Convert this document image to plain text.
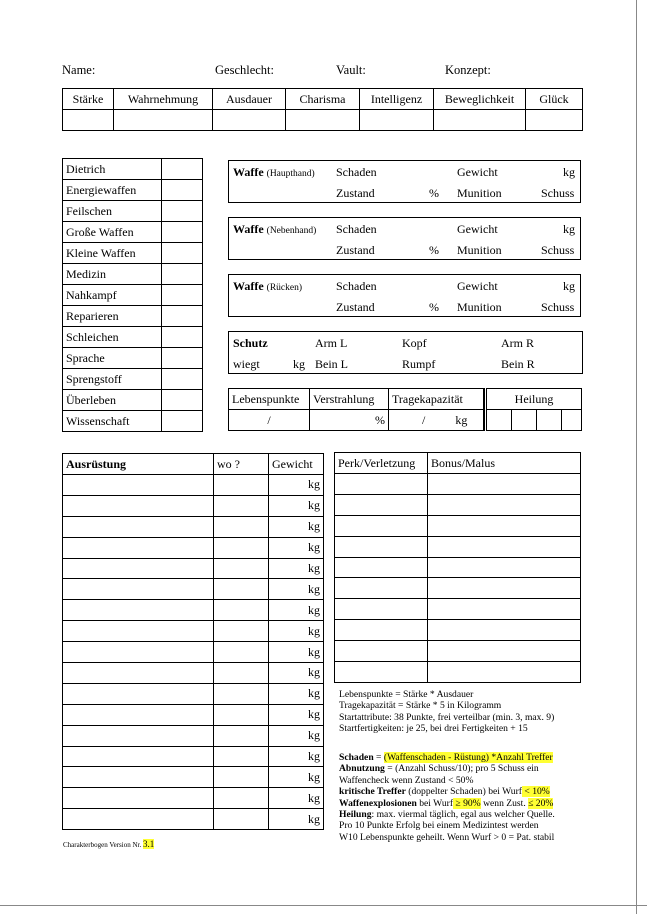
Name:	Geschlecht:	Vault:	Konzept:
Stärke	Wahrnehmung	Ausdauer	Charisma	Intelligenz	Beweglichkeit	Glück

Dietrich	
Energiewaffen	
Feilschen	
Große Waffen	
Kleine Waffen	
Medizin	
Nahkampf	
Reparieren	
Schleichen	
Sprache	
Sprengstoff	
Überleben	
Wissenschaft	
Waffe (Haupthand) Schaden	Gewicht	kg
Zustand	% Munition	Schuss
Waffe (Nebenhand) Schaden	Gewicht	kg
Zustand	% Munition	Schuss
Waffe (Rücken)	Schaden	Gewicht	kg
Zustand	% Munition	Schuss
Schutz	Arm L	Kopf	Arm R
wiegt	kg Bein L	Rumpf	Bein R
Lebenspunkte	Verstrahlung	Tragekapazität		Heilung			
/	%	/ kg					
Ausrüstung	wo ?	Gewicht
		kg
		kg
		kg
		kg
		kg
		kg
		kg
		kg
		kg
		kg
		kg
		kg
		kg
		kg
		kg
		kg
		kg
Perk/Verletzung	Bonus/Malus

Lebenspunkte = Stärke * Ausdauer
Tragekapazität = Stärke * 5 in Kilogramm
Startattribute: 38 Punkte, frei verteilbar (min. 3, max. 9)
Startfertigkeiten: je 25, bei drei Fertigkeiten + 15
Schaden = (Waffenschaden - Rüstung) *Anzahl Treffer
Abnutzung = (Anzahl Schuss/10); pro 5 Schuss ein
Waffencheck wenn Zustand < 50%
kritische Treffer (doppelter Schaden) bei Wurf < 10%
Waffenexplosionen bei Wurf ≥ 90% wenn Zust. ≤ 20%
Heilung: max. viermal täglich, egal aus welcher Quelle.
Pro 10 Punkte Erfolg bei einem Medizintest werden
W10 Lebenspunkte geheilt. Wenn Wurf > 0 = Pat. stabil
Charakterbogen Version Nr. 3.1
